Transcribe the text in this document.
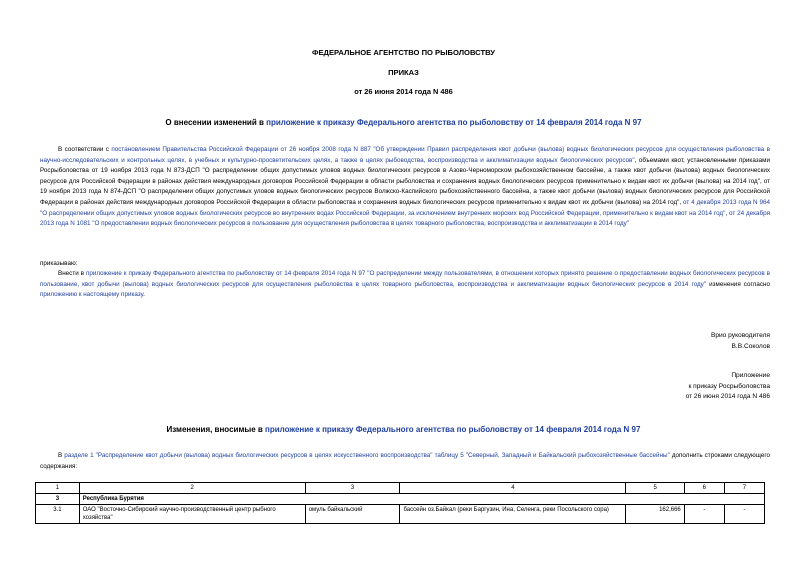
ФЕДЕРАЛЬНОЕ АГЕНТСТВО ПО РЫБОЛОВСТВУ
ПРИКАЗ
от 26 июня 2014 года N 486
О внесении изменений в приложение к приказу Федерального агентства по рыболовству от 14 февраля 2014 года N 97
В соответствии с постановлением Правительства Российской Федерации от 26 ноября 2008 года N 887 "Об утверждении Правил распределения квот добычи (вылова) водных биологических ресурсов для осуществления рыболовства в научно-исследовательских и контрольных целях, в учебных и культурно-просветительских целях, а также в целях рыбоводства, воспроизводства и акклиматизации водных биологических ресурсов", объемами квот, установленными приказами Росрыболовства от 19 ноября 2013 года N 873-ДСП "О распределении общих допустимых уловов водных биологических ресурсов в Азово-Черноморском рыбохозяйственном бассейне, а также квот добычи (вылова) водных биологических ресурсов для Российской Федерации в районах действия международных договоров Российской Федерации в области рыболовства и сохранения водных биологических ресурсов применительно к видам квот их добычи (вылова) на 2014 год", от 19 ноября 2013 года N 874-ДСП "О распределении общих допустимых уловов водных биологических ресурсов Волжско-Каспийского рыбохозяйственного бассейна, а также квот добычи (вылова) водных биологических ресурсов для Российской Федерации в районах действия международных договоров Российской Федерации в области рыболовства и сохранения водных биологических ресурсов применительно к видам квот их добычи (вылова) на 2014 год", от 4 декабря 2013 года N 964 "О распределении общих допустимых уловов водных биологических ресурсов во внутренних водах Российской Федерации, за исключением внутренних морских вод Российской Федерации, применительно к видам квот на 2014 год", от 24 декабря 2013 года N 1081 "О предоставлении водных биологических ресурсов в пользование для осуществления рыболовства в целях товарного рыболовства, воспроизводства и акклиматизации в 2014 году"
приказываю:
Внести в приложение к приказу Федерального агентства по рыболовству от 14 февраля 2014 года N 97 "О распределении между пользователями, в отношении которых принято решение о предоставлении водных биологических ресурсов в пользование, квот добычи (вылова) водных биологических ресурсов для осуществления рыболовства в целях товарного рыболовства, воспроизводства и акклиматизации водных биологических ресурсов в 2014 году" изменения согласно приложению к настоящему приказу.
Врио руководителя
В.В.Соколов
Приложение
к приказу Росрыболовства
от 26 июня 2014 года N 486
Изменения, вносимые в приложение к приказу Федерального агентства по рыболовству от 14 февраля 2014 года N 97
В разделе 1 "Распределение квот добычи (вылова) водных биологических ресурсов в целях искусственного воспроизводства" таблицу 5 "Северный, Западный и Байкальский рыбохозяйственные бассейны" дополнить строками следующего содержания:
1	2	3	4	5	6	7
3	Республика Бурятия					
3.1	ОАО "Восточно-Сибирский научно-производственный центр рыбного хозяйства"	омуль байкальский	бассейн оз.Байкал (реки Баргузин, Ина, Селенга, реки Посольского сора)	162,666	-	-
